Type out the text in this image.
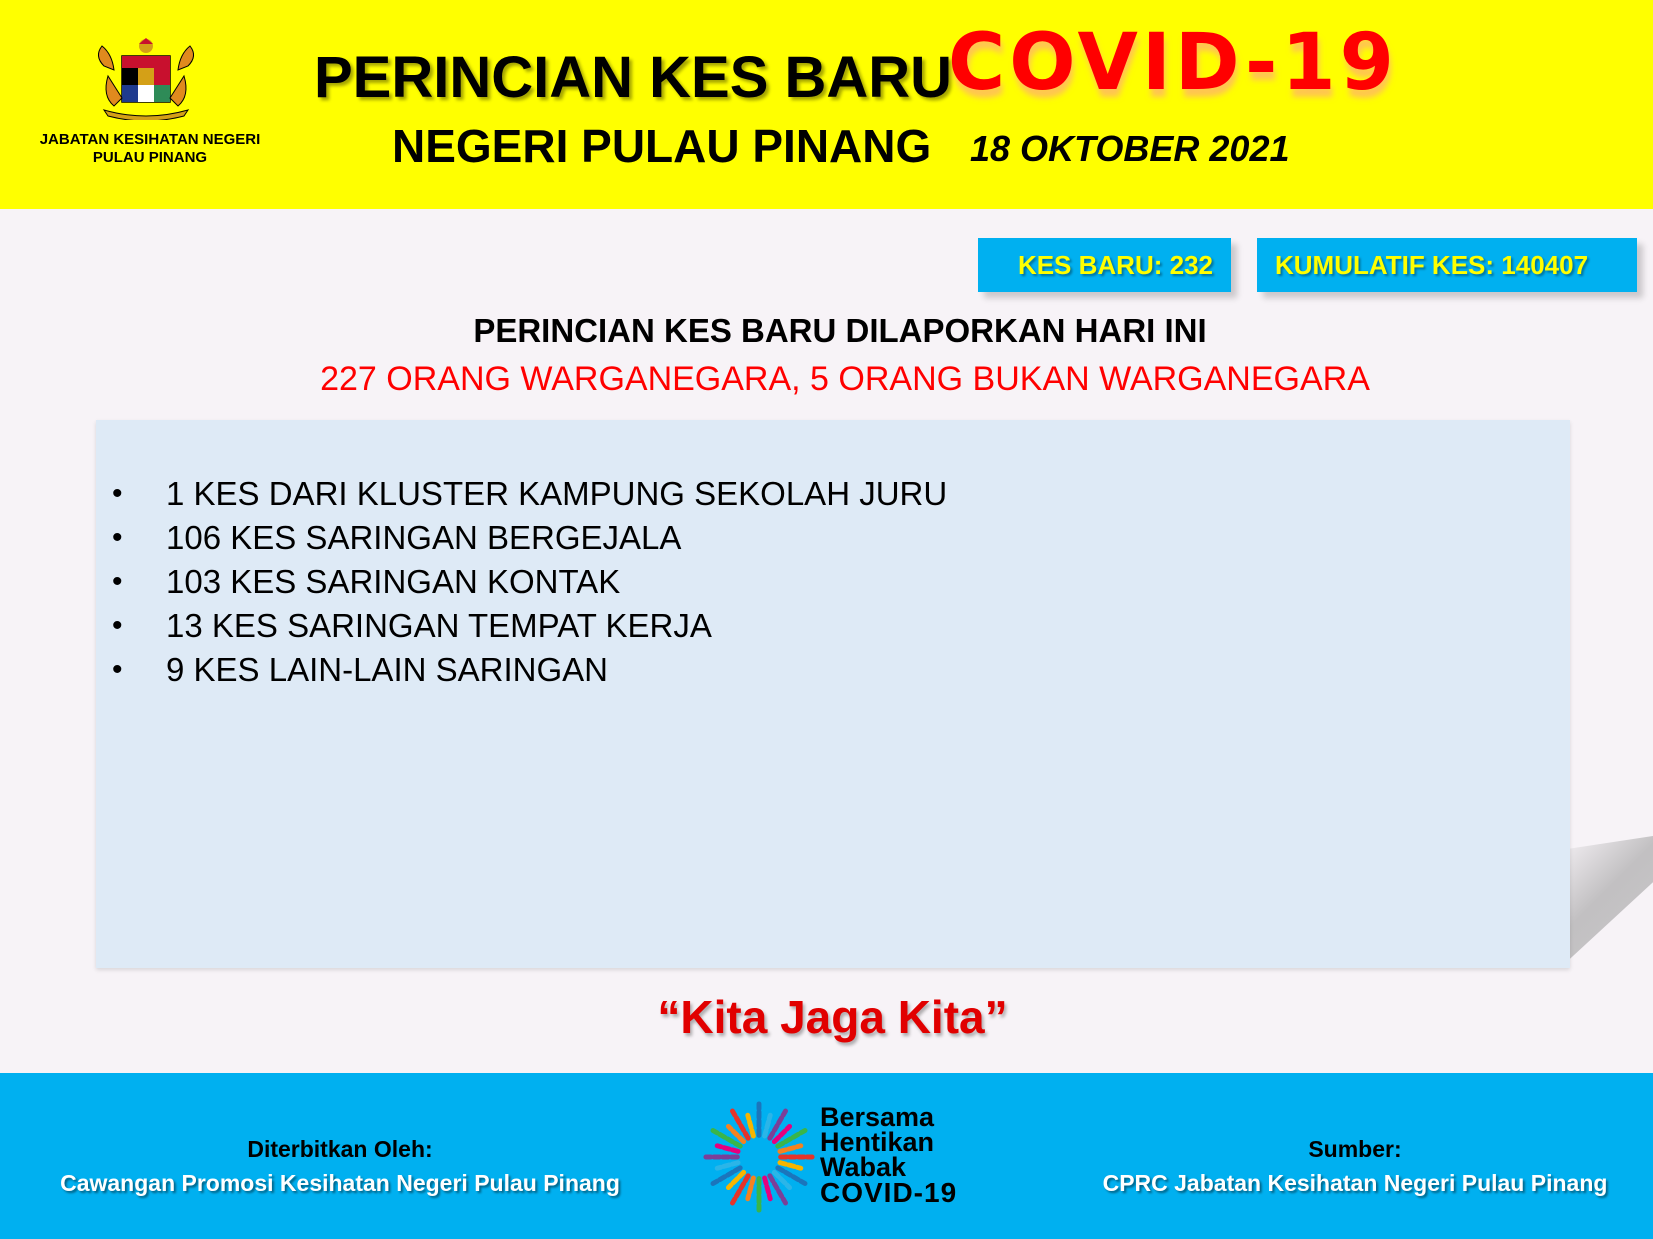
JABATAN KESIHATAN NEGERI PULAU PINANG
PERINCIAN KES BARU
COVID-19
NEGERI PULAU PINANG 18 OKTOBER 2021
KES BARU: 232	KUMULATIF KES: 140407
PERINCIAN KES BARU DILAPORKAN HARI INI
227 ORANG WARGANEGARA, 5 ORANG BUKAN WARGANEGARA
• 1 KES DARI KLUSTER KAMPUNG SEKOLAH JURU
• 106 KES SARINGAN BERGEJALA
• 103 KES SARINGAN KONTAK
• 13 KES SARINGAN TEMPAT KERJA
• 9 KES LAIN-LAIN SARINGAN
“Kita Jaga Kita”
Diterbitkan Oleh:
Cawangan Promosi Kesihatan Negeri Pulau Pinang
Bersama
Hentikan
Wabak
COVID-19
Sumber:
CPRC Jabatan Kesihatan Negeri Pulau Pinang
